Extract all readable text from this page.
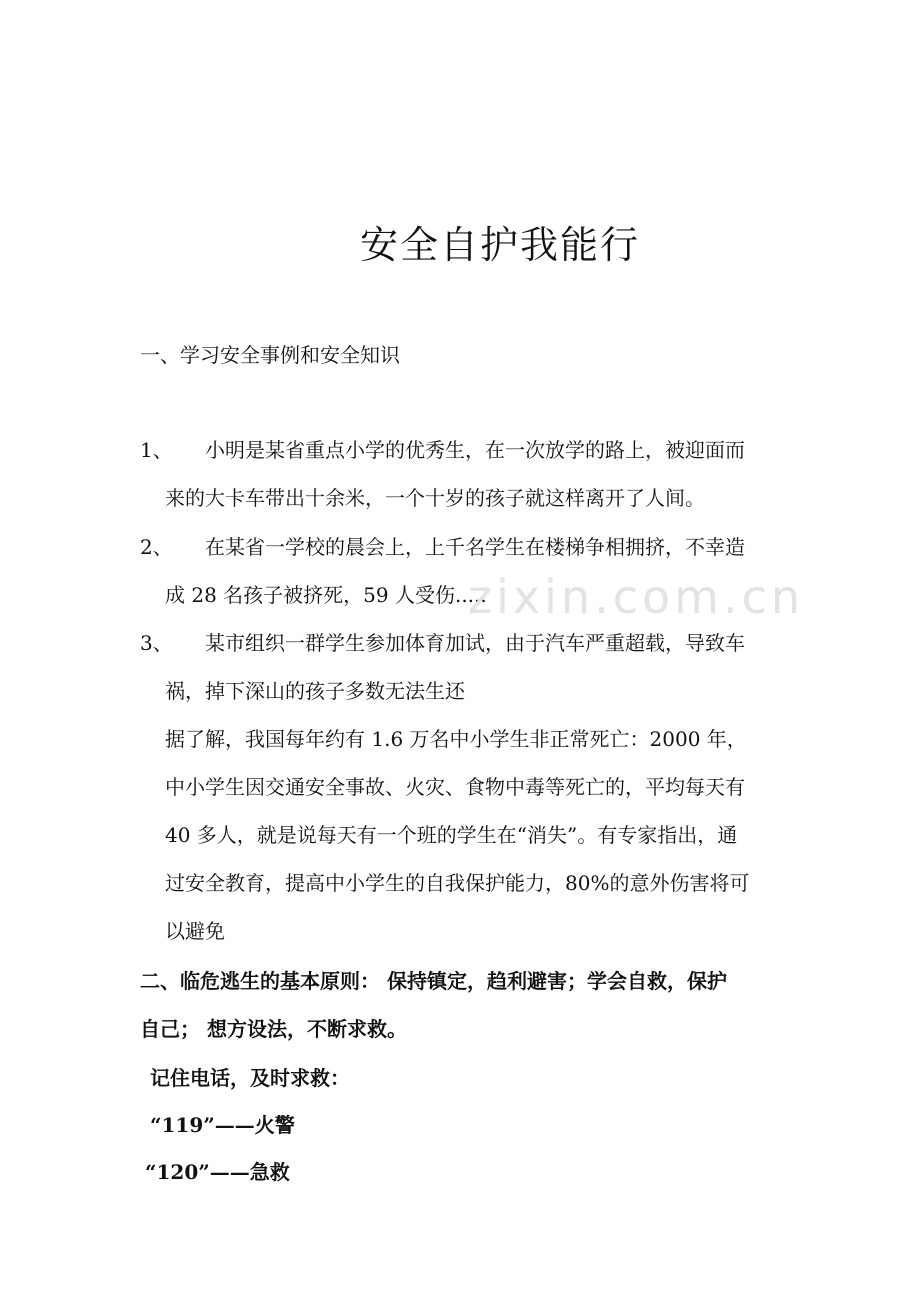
安全自护我能行
一、学习安全事例和安全知识
1、 小明是某省重点小学的优秀生，在一次放学的路上，被迎面而
来的大卡车带出十余米，一个十岁的孩子就这样离开了人间。
2、 在某省一学校的晨会上，上千名学生在楼梯争相拥挤，不幸造
成 28 名孩子被挤死，59 人受伤.....
3、 某市组织一群学生参加体育加试，由于汽车严重超载，导致车
祸，掉下深山的孩子多数无法生还
据了解，我国每年约有 1.6 万名中小学生非正常死亡：2000 年，
中小学生因交通安全事故、火灾、食物中毒等死亡的，平均每天有
40 多人，就是说每天有一个班的学生在“消失”。有专家指出，通
过安全教育，提高中小学生的自我保护能力，80%的意外伤害将可
以避免
二、临危逃生的基本原则： 保持镇定，趋利避害；学会自救，保护
自己； 想方设法，不断求救。
记住电话，及时求救：
“119”——火警
“120”——急救
zixin.com.cn
